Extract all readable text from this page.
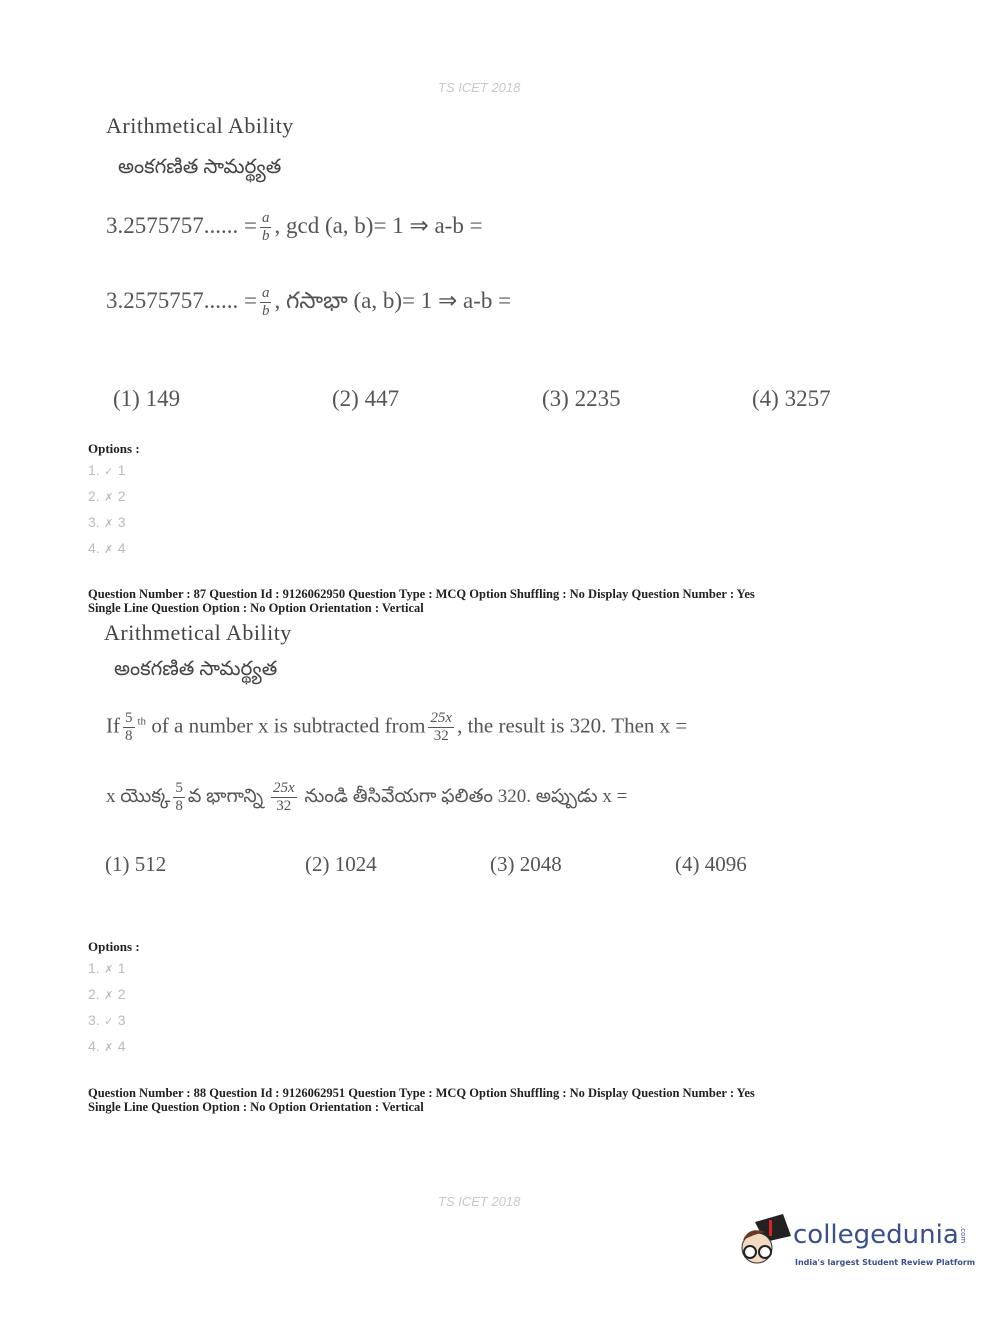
TS ICET 2018
Arithmetical Ability
అంకగణిత సామర్థ్యత
3.2575757...... = $\frac{a}{b}$ , gcd (a, b)= 1 ⇒ a-b =
3.2575757...... = $\frac{a}{b}$ , గసాభా (a, b)= 1 ⇒ a-b =
(1) 149	(2) 447	(3) 2235	(4) 3257
Options :
1. ✓ 1
2. ✗ 2
3. ✗ 3
4. ✗ 4
Question Number : 87 Question Id : 9126062950 Question Type : MCQ Option Shuffling : No Display Question Number : Yes
Single Line Question Option : No Option Orientation : Vertical
Arithmetical Ability
అంకగణిత సామర్థ్యత
If $\frac{5}{8} ^{th}$ of a number x is subtracted from $\frac{25x}{32}$ , the result is 320. Then x =
x యొక్క $\frac{5}{8}$ వ భాగాన్ని $\frac{25x}{32}$ నుండి తీసివేయగా ఫలితం 320. అప్పుడు x =
(1) 512	(2) 1024	(3) 2048	(4) 4096
Options :
1. ✗ 1
2. ✗ 2
3. ✓ 3
4. ✗ 4
Question Number : 88 Question Id : 9126062951 Question Type : MCQ Option Shuffling : No Display Question Number : Yes
Single Line Question Option : No Option Orientation : Vertical
TS ICET 2018
collegedunia.com
India's largest Student Review Platform
